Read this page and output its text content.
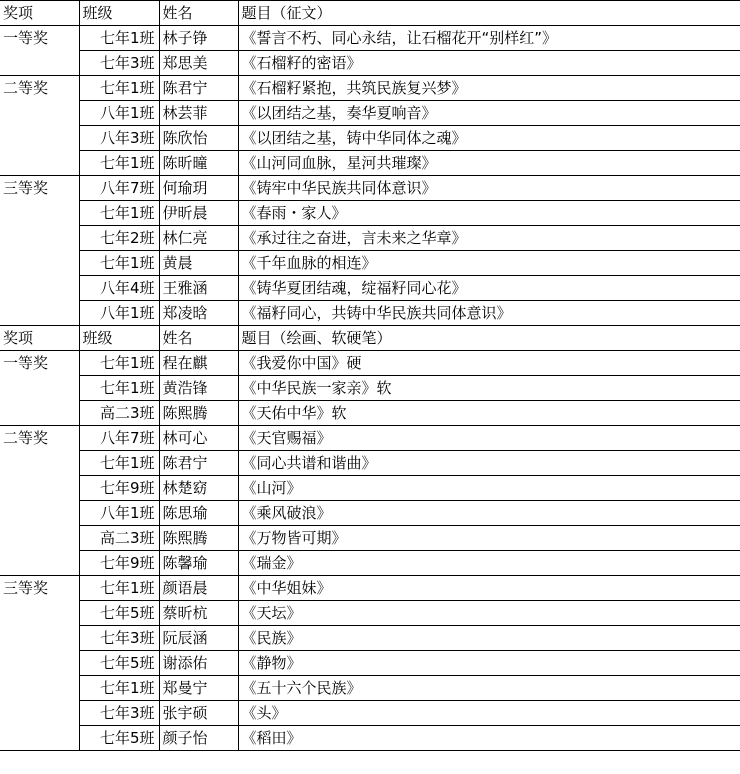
奖项	班级	姓名	题目（征文）
一等奖	七年1班	林子铮	《誓言不朽、同心永结，让石榴花开“别样红”》
	七年3班	郑思美	《石榴籽的密语》
二等奖	七年1班	陈君宁	《石榴籽紧抱，共筑民族复兴梦》
	八年1班	林芸菲	《以团结之基，奏华夏响音》
	八年3班	陈欣怡	《以团结之基，铸中华同体之魂》
	七年1班	陈昕曈	《山河同血脉，星河共璀璨》
三等奖	八年7班	何瑜玥	《铸牢中华民族共同体意识》
	七年1班	伊昕晨	《春雨・家人》
	七年2班	林仁亮	《承过往之奋进，言未来之华章》
	七年1班	黄晨	《千年血脉的相连》
	八年4班	王雅涵	《铸华夏团结魂，绽福籽同心花》
	八年1班	郑凌晗	《福籽同心，共铸中华民族共同体意识》
奖项	班级	姓名	题目（绘画、软硬笔）
一等奖	七年1班	程在麒	《我爱你中国》硬
	七年1班	黄浩锋	《中华民族一家亲》软
	高二3班	陈熙腾	《天佑中华》软
二等奖	八年7班	林可心	《天官赐福》
	七年1班	陈君宁	《同心共谱和谐曲》
	七年9班	林楚窈	《山河》
	八年1班	陈思瑜	《乘风破浪》
	高二3班	陈熙腾	《万物皆可期》
	七年9班	陈馨瑜	《瑞金》
三等奖	七年1班	颜语晨	《中华姐妹》
	七年5班	蔡昕杭	《天坛》
	七年3班	阮辰涵	《民族》
	七年5班	谢添佑	《静物》
	七年1班	郑曼宁	《五十六个民族》
	七年3班	张宇硕	《头》
	七年5班	颜子怡	《稻田》
